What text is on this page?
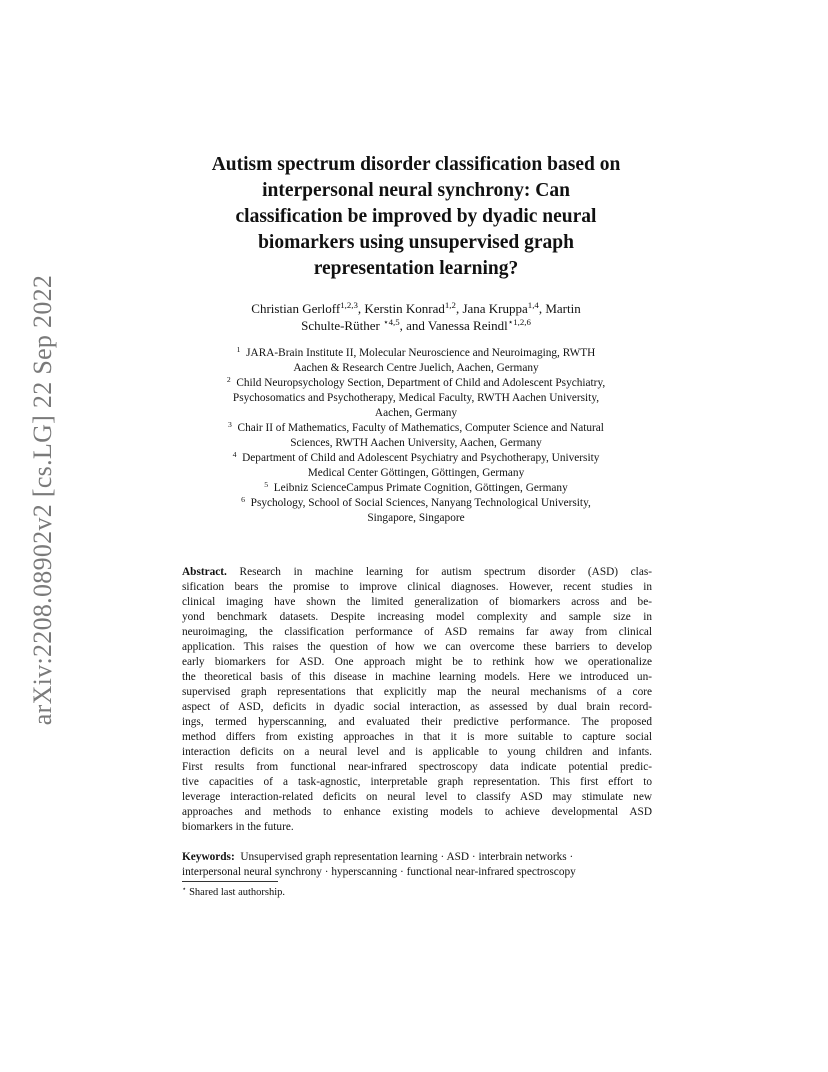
arXiv:2208.08902v2 [cs.LG] 22 Sep 2022
Autism spectrum disorder classification based on
interpersonal neural synchrony: Can
classification be improved by dyadic neural
biomarkers using unsupervised graph
representation learning?
Christian Gerloff$^{1,2,3}$, Kerstin Konrad$^{1,2}$, Jana Kruppa$^{1,4}$, Martin
Schulte-Rüther $^{⋆4,5}$, and Vanessa Reindl$^{⋆1,2,6}$
$^1$ JARA-Brain Institute II, Molecular Neuroscience and Neuroimaging, RWTH
Aachen & Research Centre Juelich, Aachen, Germany
$^2$ Child Neuropsychology Section, Department of Child and Adolescent Psychiatry,
Psychosomatics and Psychotherapy, Medical Faculty, RWTH Aachen University,
Aachen, Germany
$^3$ Chair II of Mathematics, Faculty of Mathematics, Computer Science and Natural
Sciences, RWTH Aachen University, Aachen, Germany
$^4$ Department of Child and Adolescent Psychiatry and Psychotherapy, University
Medical Center Göttingen, Göttingen, Germany
$^5$ Leibniz ScienceCampus Primate Cognition, Göttingen, Germany
$^6$ Psychology, School of Social Sciences, Nanyang Technological University,
Singapore, Singapore
Abstract. Research in machine learning for autism spectrum disorder (ASD) clas-
sification bears the promise to improve clinical diagnoses. However, recent studies in
clinical imaging have shown the limited generalization of biomarkers across and be-
yond benchmark datasets. Despite increasing model complexity and sample size in
neuroimaging, the classification performance of ASD remains far away from clinical
application. This raises the question of how we can overcome these barriers to develop
early biomarkers for ASD. One approach might be to rethink how we operationalize
the theoretical basis of this disease in machine learning models. Here we introduced un-
supervised graph representations that explicitly map the neural mechanisms of a core
aspect of ASD, deficits in dyadic social interaction, as assessed by dual brain record-
ings, termed hyperscanning, and evaluated their predictive performance. The proposed
method differs from existing approaches in that it is more suitable to capture social
interaction deficits on a neural level and is applicable to young children and infants.
First results from functional near-infrared spectroscopy data indicate potential predic-
tive capacities of a task-agnostic, interpretable graph representation. This first effort to
leverage interaction-related deficits on neural level to classify ASD may stimulate new
approaches and methods to enhance existing models to achieve developmental ASD
biomarkers in the future.
Keywords: Unsupervised graph representation learning · ASD · interbrain networks ·
interpersonal neural synchrony · hyperscanning · functional near-infrared spectroscopy
⋆ Shared last authorship.
